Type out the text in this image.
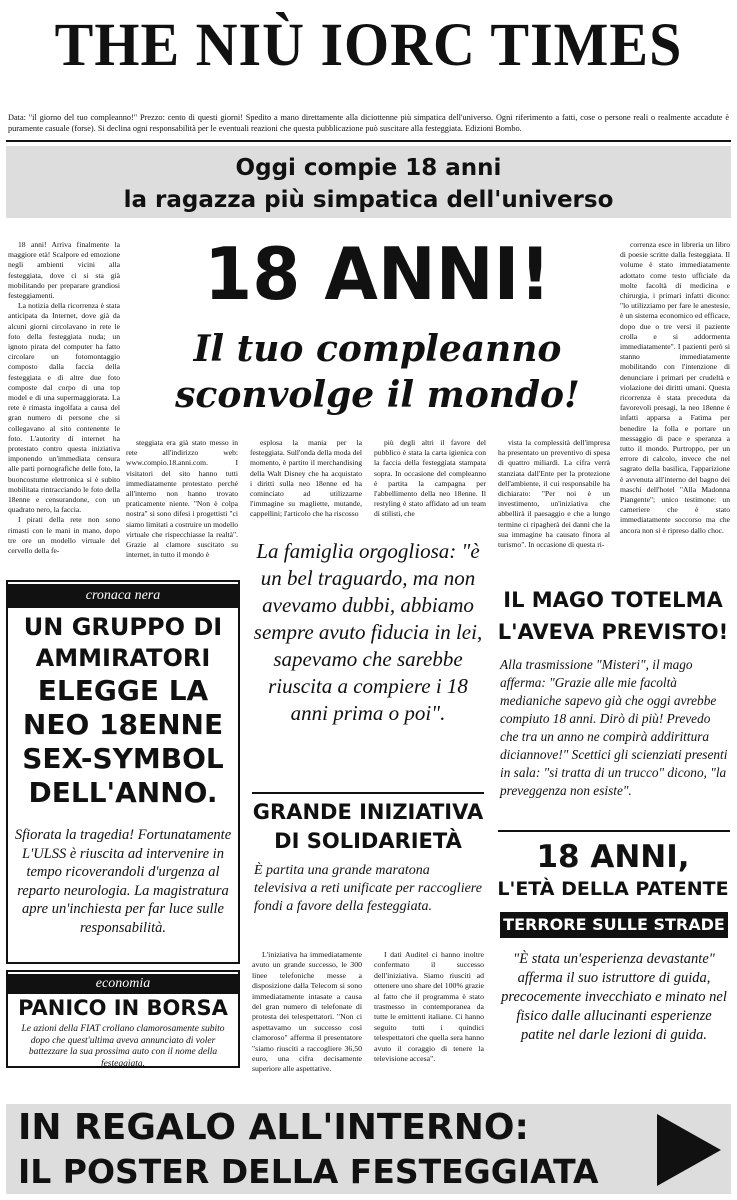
THE NIÙ IORC TIMES
Data: "il giorno del tuo compleanno!" Prezzo: cento di questi giorni! Spedito a mano direttamente alla diciottenne più simpatica dell'universo. Ogni riferimento a fatti, cose o persone reali o realmente accadute è puramente casuale (forse). Si declina ogni responsabilità per le eventuali reazioni che questa pubblicazione può suscitare alla festeggiata. Edizioni Bombo.
Oggi compie 18 anni
la ragazza più simpatica dell'universo
18 ANNI!
Il tuo compleanno
sconvolge il mondo!

18 anni! Arriva finalmente la maggiore età! Scalpore ed emozione negli ambienti vicini alla festeggiata, dove ci si sta già mobilitando per preparare grandiosi festeggiamenti.

La notizia della ricorrenza è stata anticipata da Internet, dove già da alcuni giorni circolavano in rete le foto della festeggiata nuda; un ignoto pirata del computer ha fatto circolare un fotomontaggio composto dalla faccia della festeggiata e di altre due foto composte dal corpo di una top model e di una supermaggiorata. La rete è rimasta ingolfata a causa del gran numero di persone che si collegavano al sito contenente le foto. L'autority di internet ha protestato contro questa iniziativa imponendo un'immediata censura alle parti pornografiche delle foto, la buoncostume elettronica si è subito mobilitata rintracciando le foto della 18enne e censurandone, con un quadrato nero, la faccia.

I pirati della rete non sono rimasti con le mani in mano, dopo tre ore un modello virtuale del cervello della fe-

steggiata era già stato messo in rete all'indirizzo web: www.compio.18.anni.com. I visitatori del sito hanno tutti immediatamente protestato perché all'interno non hanno trovato praticamente niente. "Non è colpa nostra" si sono difesi i progettisti "ci siamo limitati a costruire un modello virtuale che rispecchiasse la realtà". Grazie al clamore suscitato su internet, in tutto il mondo è

esplosa la mania per la festeggiata. Sull'onda della moda del momento, è partito il merchandising della Walt Disney che ha acquistato i diritti sulla neo 18enne ed ha cominciato ad utilizzarne l'immagine su magliette, mutande, cappellini; l'articolo che ha riscosso

più degli altri il favore del pubblico è stata la carta igienica con la faccia della festeggiata stampata sopra. In occasione del compleanno è partita la campagna per l'abbellimento della neo 18enne. Il restyling è stato affidato ad un team di stilisti, che

vista la complessità dell'impresa ha presentato un preventivo di spesa di quattro miliardi. La cifra verrà stanziata dall'Ente per la protezione dell'ambiente, il cui responsabile ha dichiarato: "Per noi è un investimento, un'iniziativa che abbellirà il paesaggio e che a lungo termine ci ripagherà dei danni che la sua immagine ha causato finora al turismo". In occasione di questa ri-

correnza esce in libreria un libro di poesie scritte dalla festeggiata. Il volume è stato immediatamente adottato come testo ufficiale da molte facoltà di medicina e chirurgia, i primari infatti dicono: "lo utilizziamo per fare le anestesie, è un sistema economico ed efficace, dopo due o tre versi il paziente crolla e si addormenta immediatamente". I pazienti però si stanno immediatamente mobilitando con l'intenzione di denunciare i primari per crudeltà e violazione dei diritti umani. Questa ricorrenza è stata preceduta da favorevoli presagi, la neo 18enne è infatti apparsa a Fatima per benedire la folla e portare un messaggio di pace e speranza a tutto il mondo. Purtroppo, per un errore di calcolo, invece che nel sagrato della basilica, l'apparizione è avvenuta all'interno del bagno dei maschi dell'hotel "Alla Madonna Piangente"; unico testimone: un cameriere che è stato immediatamente soccorso ma che ancora non si è ripreso dallo choc.

cronaca nera
UN GRUPPO DI
AMMIRATORI
ELEGGE LA
NEO 18ENNE
SEX-SYMBOL
DELL'ANNO.
Sfiorata la tragedia! Fortunatamente L'ULSS è riuscita ad intervenire in tempo ricoverandoli d'urgenza al reparto neurologia. La magistratura apre un'inchiesta per far luce sulle responsabilità.
economia
PANICO IN BORSA
Le azioni della FIAT crollano clamorosamente subito dopo che quest'ultima aveva annunciato di voler battezzare la sua prossima auto con il nome della festeggiata.
La famiglia orgogliosa: "è un bel traguardo, ma non avevamo dubbi, abbiamo sempre avuto fiducia in lei, sapevamo che sarebbe riuscita a compiere i 18 anni prima o poi".
GRANDE INIZIATIVA
DI SOLIDARIETÀ
È partita una grande maratona televisiva a reti unificate per raccogliere fondi a favore della festeggiata.

L'iniziativa ha immediatamente avuto un grande successo, le 300 linee telefoniche messe a disposizione dalla Telecom si sono immediatamente intasate a causa del gran numero di telefonate di protesta dei telespettatori. "Non ci aspettavamo un successo così clamoroso" afferma il presentatore "siamo riusciti a raccogliere 36,50 euro, una cifra decisamente superiore alle aspettative.

I dati Auditel ci hanno inoltre confermato il successo dell'iniziativa. Siamo riusciti ad ottenere uno share del 100% grazie al fatto che il programma è stato trasmesso in contemporanea da tutte le emittenti italiane. Ci hanno seguito tutti i quindici telespettatori che quella sera hanno avuto il coraggio di tenere la televisione accesa".

IL MAGO TOTELMA
L'AVEVA PREVISTO!
Alla trasmissione "Misteri", il mago afferma: "Grazie alle mie facoltà medianiche sapevo già che oggi avrebbe compiuto 18 anni. Dirò di più! Prevedo che tra un anno ne compirà addirittura diciannove!" Scettici gli scienziati presenti in sala: "si tratta di un trucco" dicono, "la preveggenza non esiste".
18 ANNI,
L'ETÀ DELLA PATENTE
TERRORE SULLE STRADE
"È stata un'esperienza devastante" afferma il suo istruttore di guida, precocemente invecchiato e minato nel fisico dalle allucinanti esperienze patite nel darle lezioni di guida.
IN REGALO ALL'INTERNO:
IL POSTER DELLA FESTEGGIATA
